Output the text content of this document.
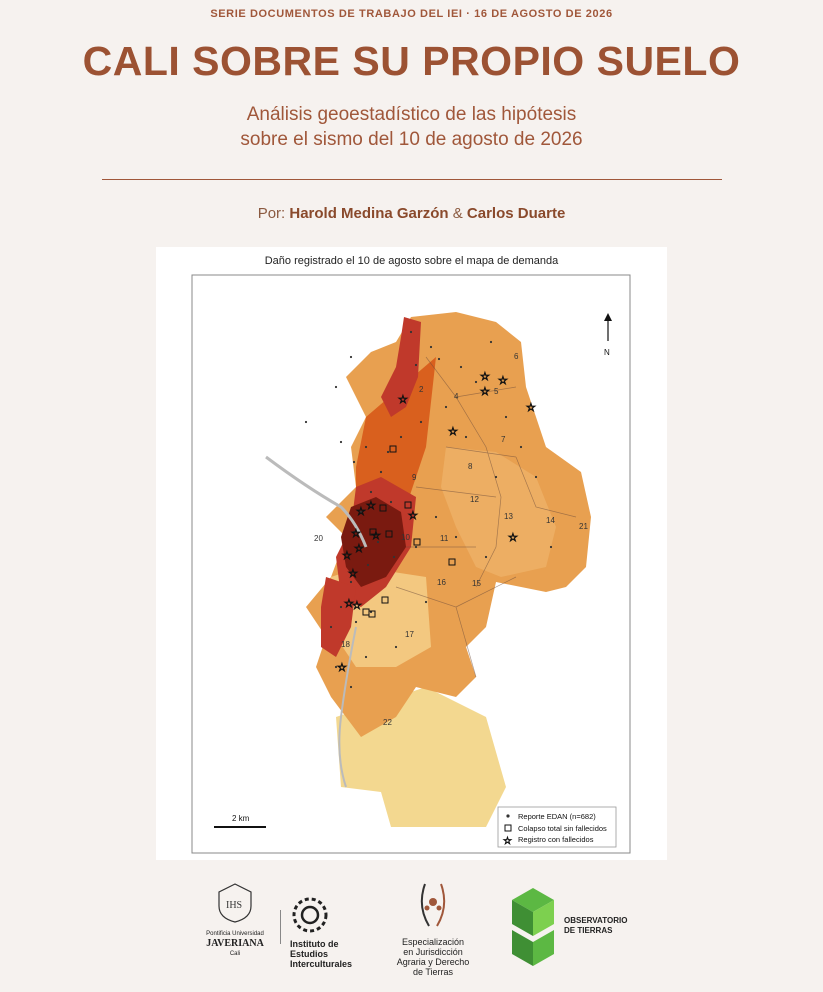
SERIE DOCUMENTOS DE TRABAJO DEL IEI · 16 DE AGOSTO DE 2026
CALI SOBRE SU PROPIO SUELO
Análisis geoestadístico de las hipótesis
sobre el sismo del 10 de agosto de 2026
Por: Harold Medina Garzón & Carlos Duarte
Daño registrado el 10 de agosto sobre el mapa de demanda
2
4
5
6
7
8
9
10	11
12
13	14
15
16
17
18
20
21
22
☆ ☆
☆
☆
☆
☆
☆
☆ ☆
☆ ☆
☆
☆
☆
☆
☆
☆
☆
N
2 km	Reporte EDAN (n=682)
Colapso total sin fallecidos
☆ Registro con fallecidos
IHS
Pontificia Universidad
JAVERIANA
Cali
Instituto de
Estudios
Interculturales
Especialización
en Jurisdicción
Agraria y Derecho
de Tierras
OBSERVATORIO
DE TIERRAS
